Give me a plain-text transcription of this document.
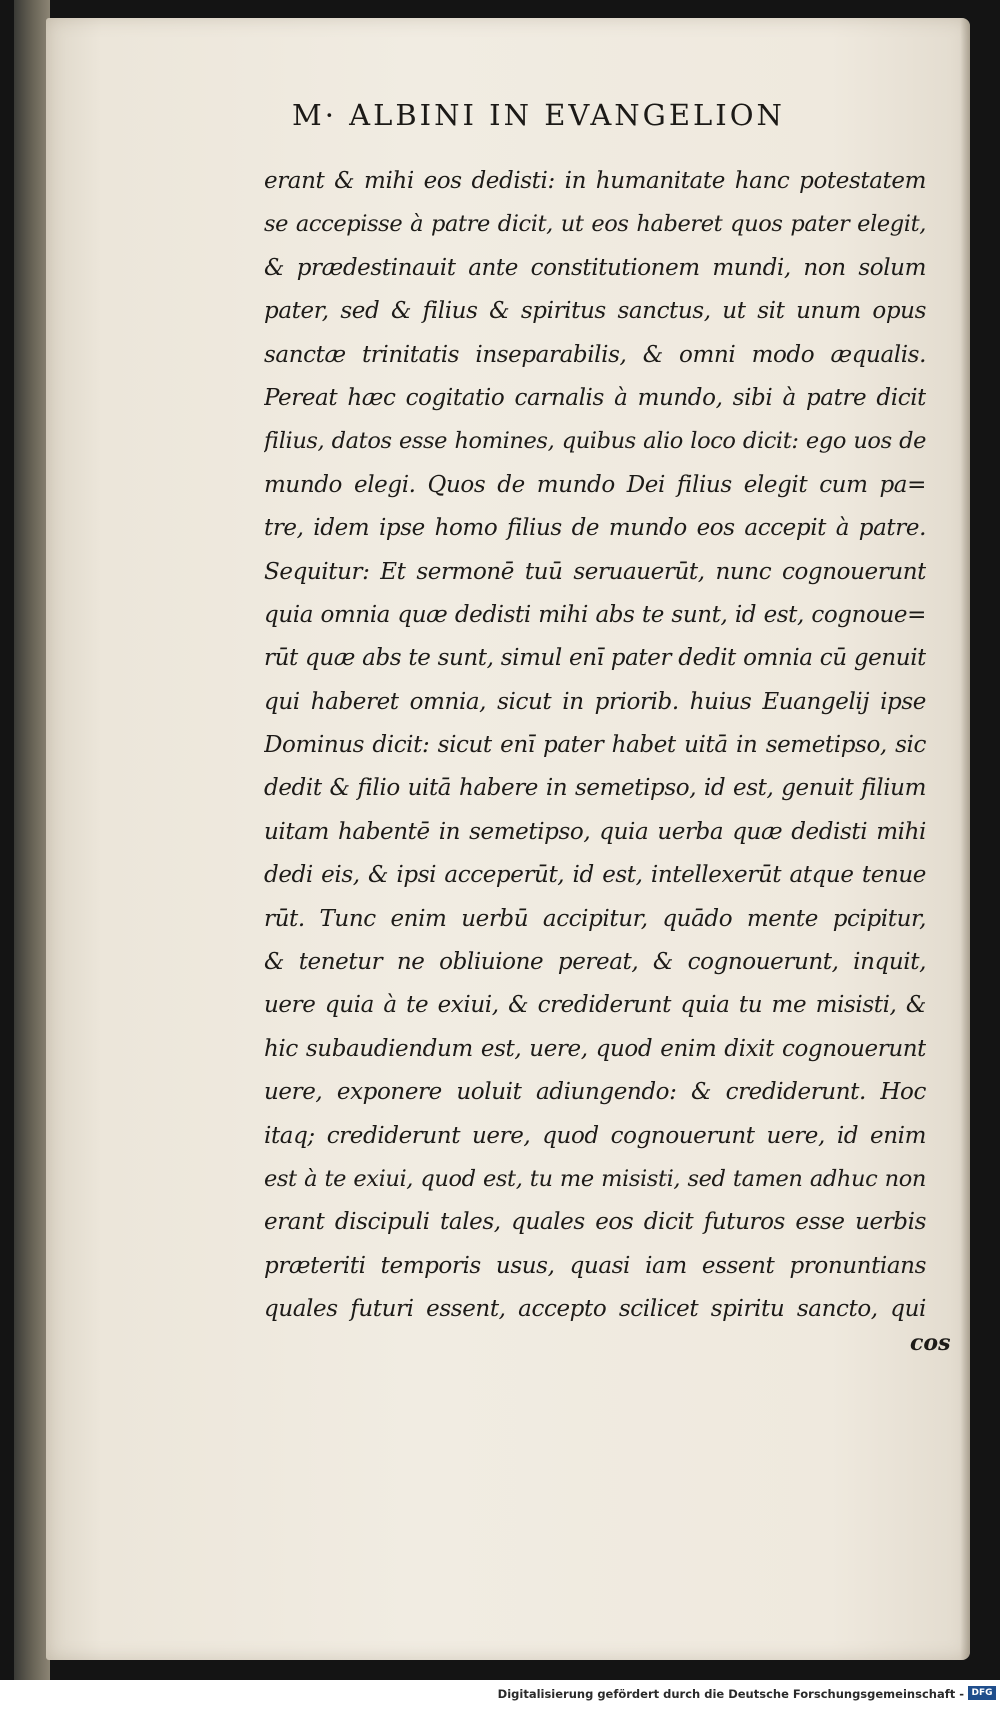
M· ALBINI IN EVANGELION
erant & mihi eos dedisti: in humanitate hanc potestatem
se accepisse à patre dicit, ut eos haberet quos pater elegit,
& prædestinauit ante constitutionem mundi, non solum
pater, sed & filius & spiritus sanctus, ut sit unum opus
sanctæ trinitatis inseparabilis, & omni modo æqualis.
Pereat hæc cogitatio carnalis à mundo, sibi à patre dicit
filius, datos esse homines, quibus alio loco dicit: ego uos de
mundo elegi. Quos de mundo Dei filius elegit cum pa=
tre, idem ipse homo filius de mundo eos accepit à patre.
Sequitur: Et sermonē tuū seruauerūt, nunc cognouerunt
quia omnia quæ dedisti mihi abs te sunt, id est, cognoue=
rūt quæ abs te sunt, simul enī pater dedit omnia cū genuit
qui haberet omnia, sicut in priorib. huius Euangelij ipse
Dominus dicit: sicut enī pater habet uitā in semetipso, sic
dedit & filio uitā habere in semetipso, id est, genuit filium
uitam habentē in semetipso, quia uerba quæ dedisti mihi
dedi eis, & ipsi acceperūt, id est, intellexerūt atque tenue
rūt. Tunc enim uerbū accipitur, quādo mente pcipitur,
& tenetur ne obliuione pereat, & cognouerunt, inquit,
uere quia à te exiui, & crediderunt quia tu me misisti, &
hic subaudiendum est, uere, quod enim dixit cognouerunt
uere, exponere uoluit adiungendo: & crediderunt. Hoc
itaq; crediderunt uere, quod cognouerunt uere, id enim
est à te exiui, quod est, tu me misisti, sed tamen adhuc non
erant discipuli tales, quales eos dicit futuros esse uerbis
præteriti temporis usus, quasi iam essent pronuntians
quales futuri essent, accepto scilicet spiritu sancto, qui
cos
Digitalisierung gefördert durch die Deutsche Forschungsgemeinschaft - DFG
